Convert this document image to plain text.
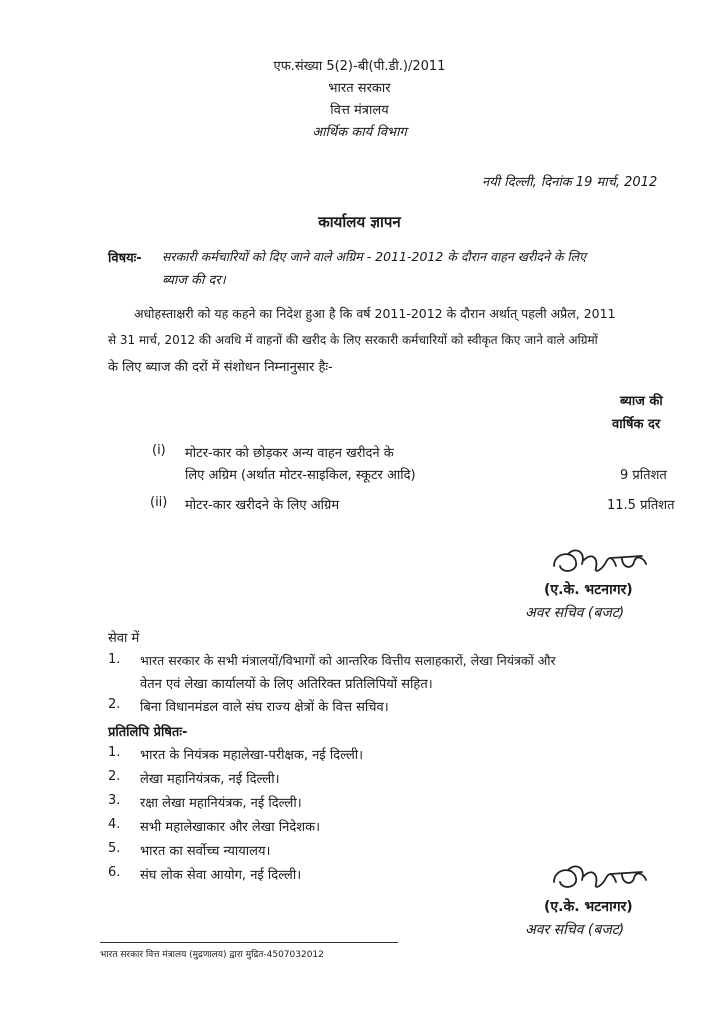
एफ.संख्या 5(2)-बी(पी.डी.)/2011
भारत सरकार
वित्त मंत्रालय
आर्थिक कार्य विभाग
नयी दिल्ली, दिनांक 19 मार्च, 2012
कार्यालय ज्ञापन
विषयः- सरकारी कर्मचारियों को दिए जाने वाले अग्रिम - 2011-2012 के दौरान वाहन खरीदने के लिए
ब्याज की दर।
अधोहस्ताक्षरी को यह कहने का निदेश हुआ है कि वर्ष 2011-2012 के दौरान अर्थात् पहली अप्रैल, 2011
से 31 मार्च, 2012 की अवधि में वाहनों की खरीद के लिए सरकारी कर्मचारियों को स्वीकृत किए जाने वाले अग्रिमों
के लिए ब्याज की दरों में संशोधन निम्नानुसार हैः-
ब्याज की
वार्षिक दर
(i) मोटर-कार को छोड़कर अन्य वाहन खरीदने के
लिए अग्रिम (अर्थात मोटर-साइकिल, स्कूटर आदि)	9 प्रतिशत
(ii) मोटर-कार खरीदने के लिए अग्रिम	11.5 प्रतिशत
(ए.के. भटनागर)
अवर सचिव (बजट)
सेवा में
1. भारत सरकार के सभी मंत्रालयों/विभागों को आन्तरिक वित्तीय सलाहकारों, लेखा नियंत्रकों और
वेतन एवं लेखा कार्यालयों के लिए अतिरिक्त प्रतिलिपियों सहित।
2. बिना विधानमंडल वाले संघ राज्य क्षेत्रों के वित्त सचिव।
प्रतिलिपि प्रेषितः-
1. भारत के नियंत्रक महालेखा-परीक्षक, नई दिल्ली।
2. लेखा महानियंत्रक, नई दिल्ली।
3. रक्षा लेखा महानियंत्रक, नई दिल्ली।
4. सभी महालेखाकार और लेखा निदेशक।
5. भारत का सर्वोच्च न्यायालय।
6. संघ लोक सेवा आयोग, नई दिल्ली।
(ए.के. भटनागर)
अवर सचिव (बजट)
भारत सरकार वित्त मंत्रालय (मुद्रणालय) द्वारा मुद्रित-4507032012
